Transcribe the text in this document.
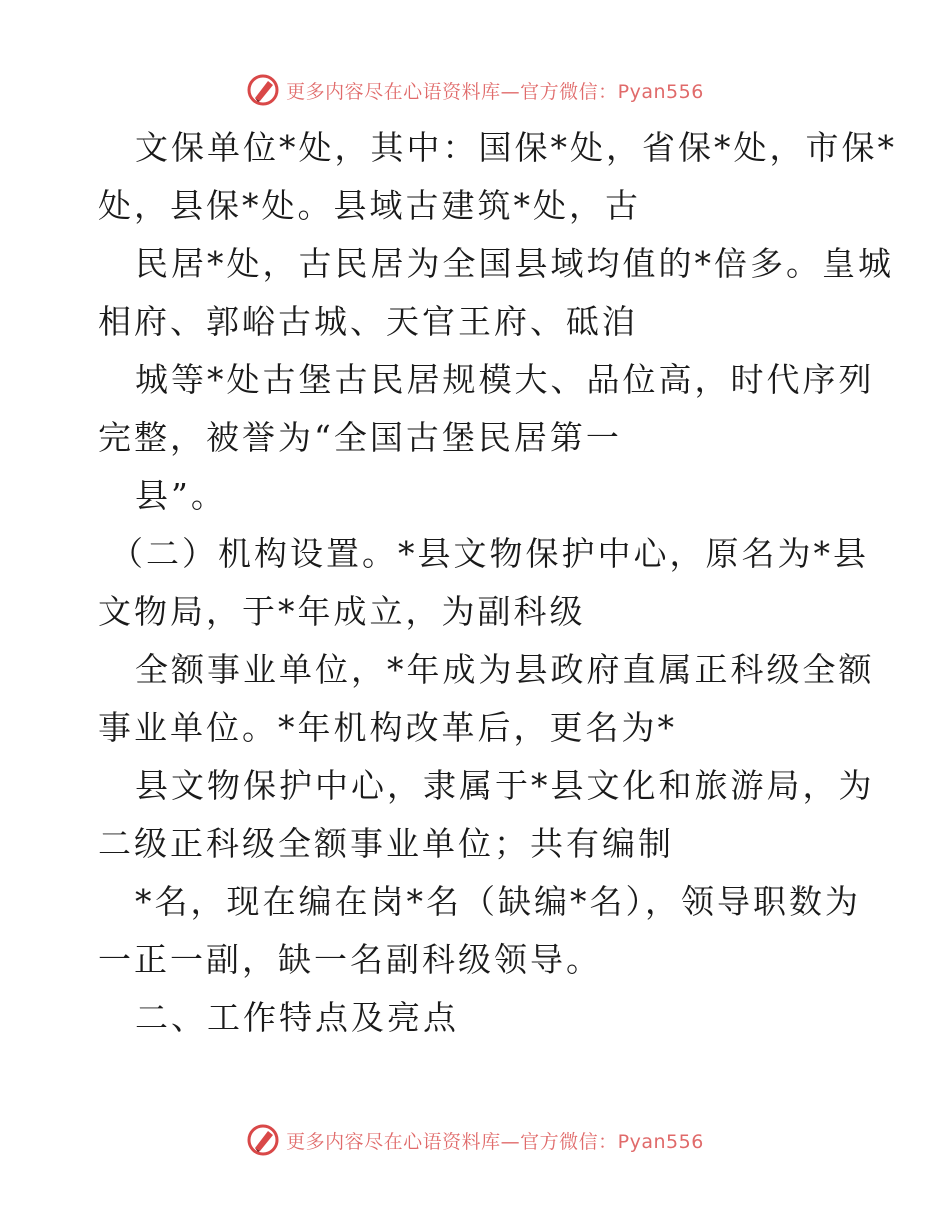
更多内容尽在心语资料库—官方微信：Pyan556
文保单位*处，其中：国保*处，省保*处，市保*
处，县保*处。县域古建筑*处，古
民居*处，古民居为全国县域均值的*倍多。皇城
相府、郭峪古城、天官王府、砥洎
城等*处古堡古民居规模大、品位高，时代序列
完整，被誉为“全国古堡民居第一
县”。
（二）机构设置。*县文物保护中心，原名为*县
文物局，于*年成立，为副科级
全额事业单位，*年成为县政府直属正科级全额
事业单位。*年机构改革后，更名为*
县文物保护中心，隶属于*县文化和旅游局，为
二级正科级全额事业单位；共有编制
*名，现在编在岗*名（缺编*名），领导职数为
一正一副，缺一名副科级领导。
二、工作特点及亮点
更多内容尽在心语资料库—官方微信：Pyan556
